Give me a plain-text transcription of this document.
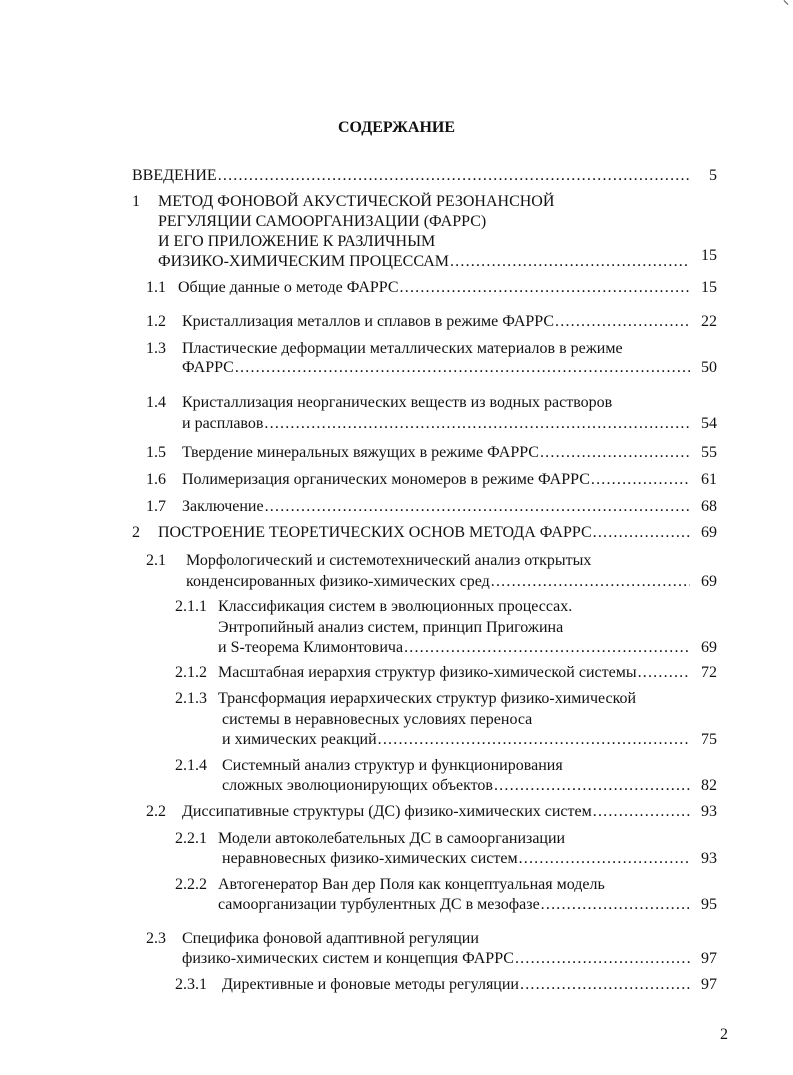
СОДЕРЖАНИЕ
ВВЕДЕНИЕ .....	5
1 МЕТОД ФОНОВОЙ АКУСТИЧЕСКОЙ РЕЗОНАНСНОЙ
РЕГУЛЯЦИИ САМООРГАНИЗАЦИИ (ФАРРС)
И ЕГО ПРИЛОЖЕНИЕ К РАЗЛИЧНЫМ
ФИЗИКО-ХИМИЧЕСКИМ ПРОЦЕССАМ .....	15
1.1 Общие данные о методе ФАРРС .....	15
1.2 Кристаллизация металлов и сплавов в режиме ФАРРС .....	22
1.3 Пластические деформации металлических материалов в режиме
ФАРРС .....	50
1.4 Кристаллизация неорганических веществ из водных растворов
и расплавов .....	54
1.5 Твердение минеральных вяжущих в режиме ФАРРС .....	55
1.6 Полимеризация органических мономеров в режиме ФАРРС .....	61
1.7 Заключение .....	68
2 ПОСТРОЕНИЕ ТЕОРЕТИЧЕСКИХ ОСНОВ МЕТОДА ФАРРС .....	69
2.1 Морфологический и системотехнический анализ открытых
конденсированных физико-химических сред .....	69
2.1.1 Классификация систем в эволюционных процессах.
Энтропийный анализ систем, принцип Пригожина
и S-теорема Климонтовича .....	69
2.1.2 Масштабная иерархия структур физико-химической системы .....	72
2.1.3 Трансформация иерархических структур физико-химической
системы в неравновесных условиях переноса
и химических реакций .....	75
2.1.4 Системный анализ структур и функционирования
сложных эволюционирующих объектов .....	82
2.2 Диссипативные структуры (ДС) физико-химических систем .....	93
2.2.1 Модели автоколебательных ДС в самоорганизации
неравновесных физико-химических систем .....	93
2.2.2 Автогенератор Ван дер Поля как концептуальная модель
самоорганизации турбулентных ДС в мезофазе .....	95
2.3 Специфика фоновой адаптивной регуляции
физико-химических систем и концепция ФАРРС .....	97
2.3.1 Директивные и фоновые методы регуляции .....	97
2
